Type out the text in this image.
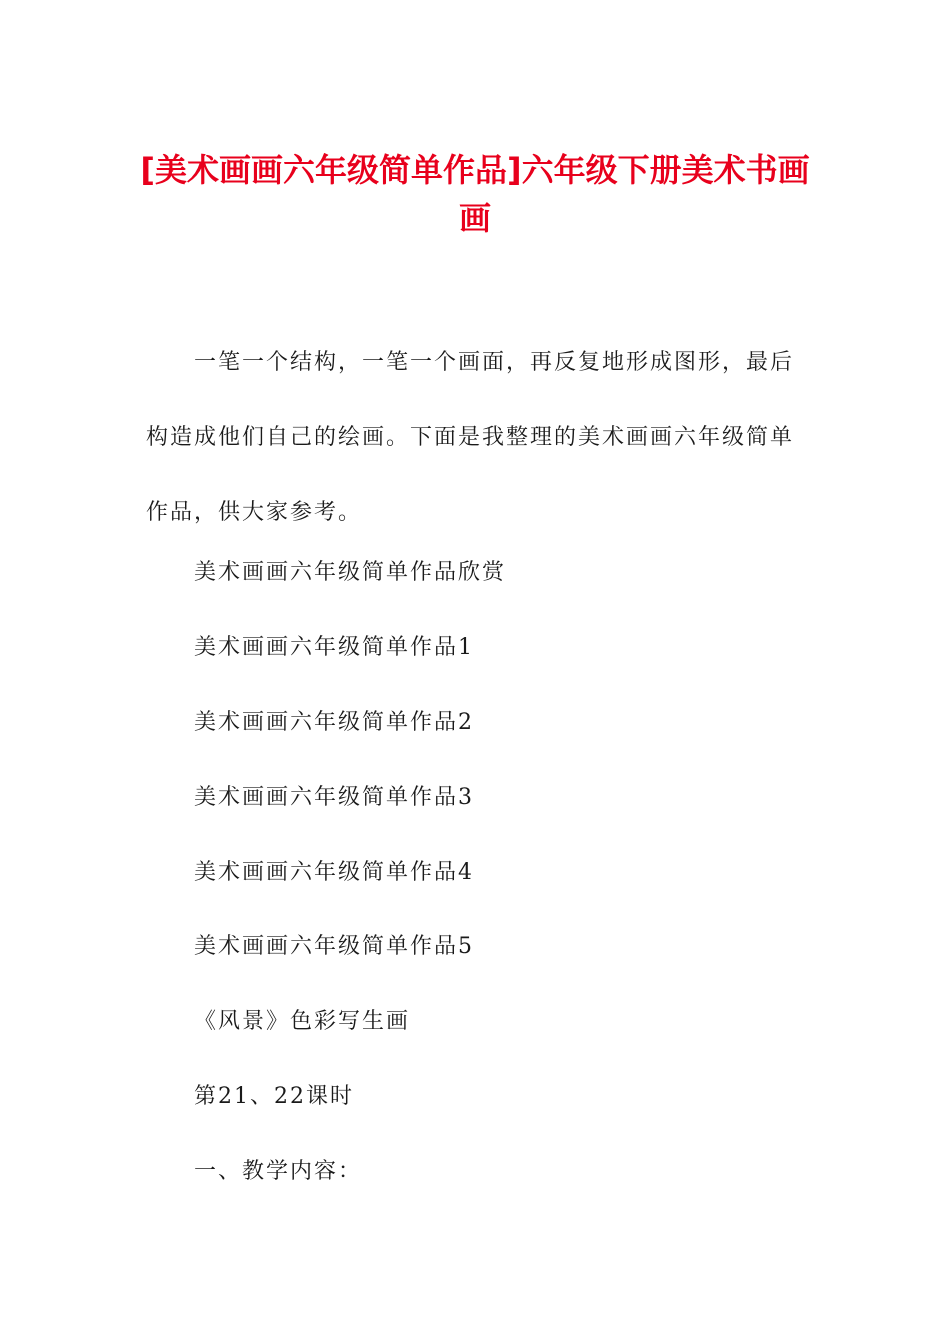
[美术画画六年级简单作品]六年级下册美术书画画

一笔一个结构，一笔一个画面，再反复地形成图形，最后构造成他们自己的绘画。下面是我整理的美术画画六年级简单作品，供大家参考。

美术画画六年级简单作品欣赏

美术画画六年级简单作品1

美术画画六年级简单作品2

美术画画六年级简单作品3

美术画画六年级简单作品4

美术画画六年级简单作品5

《风景》色彩写生画

第21、22课时

一、教学内容：
